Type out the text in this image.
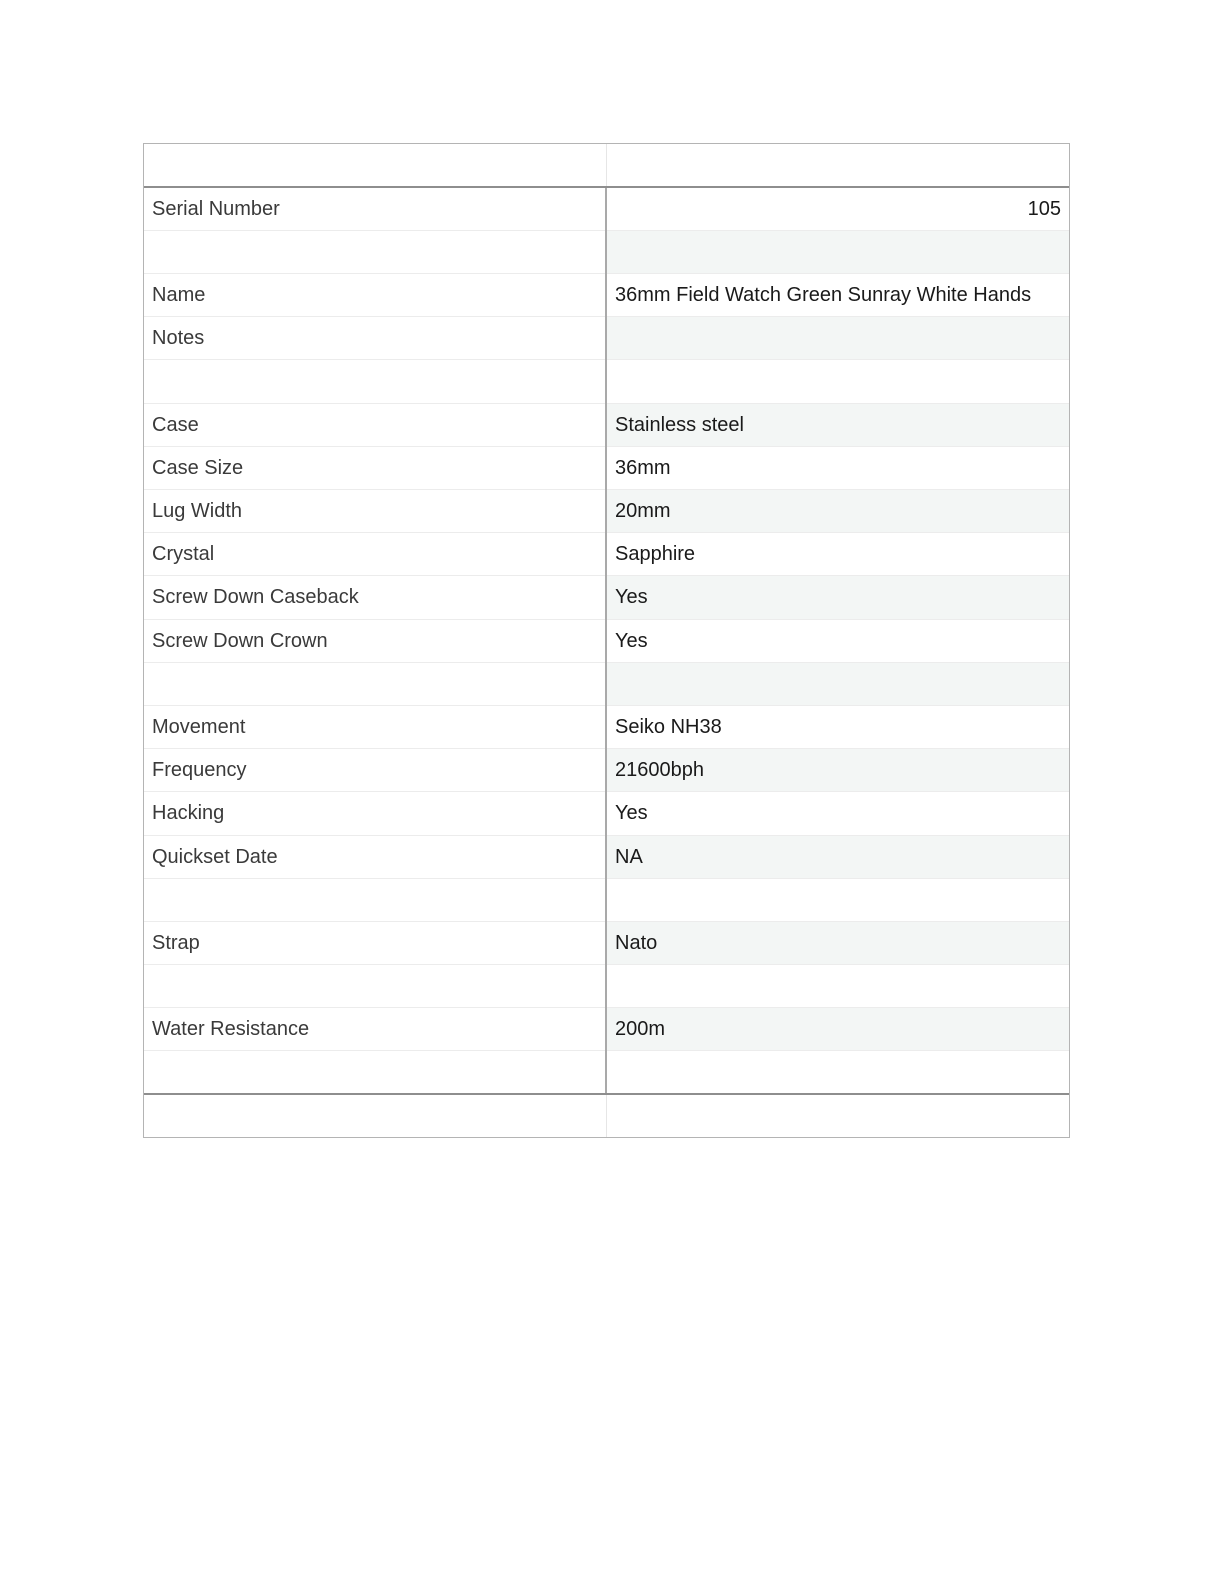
Serial Number	105

Name	36mm Field Watch Green Sunray White Hands
Notes	

Case	Stainless steel
Case Size	36mm
Lug Width	20mm
Crystal	Sapphire
Screw Down Caseback	Yes
Screw Down Crown	Yes

Movement	Seiko NH38
Frequency	21600bph
Hacking	Yes
Quickset Date	NA

Strap	Nato

Water Resistance	200m
